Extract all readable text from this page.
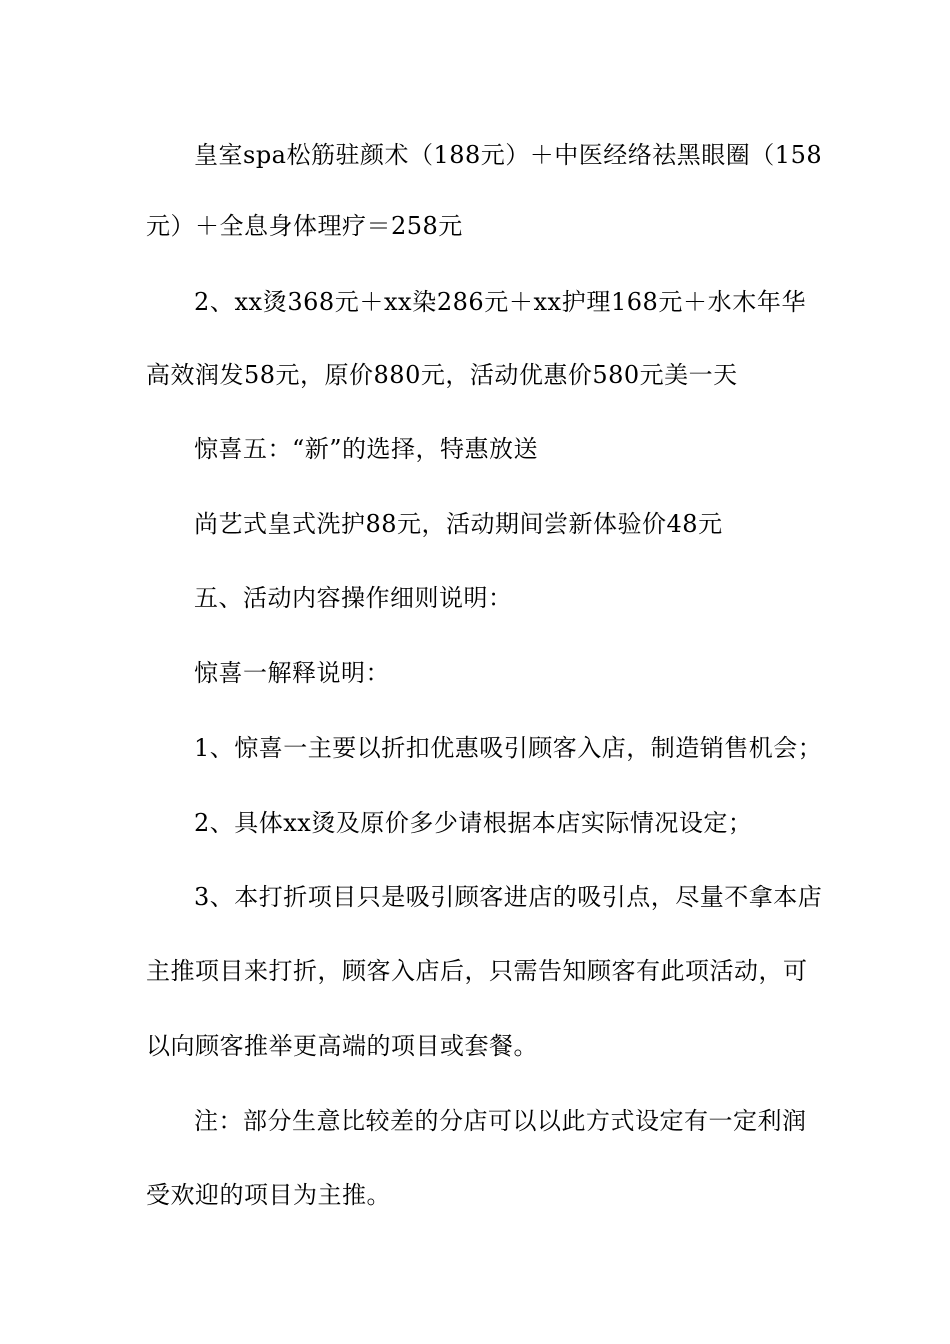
皇室spa松筋驻颜术（188元）＋中医经络祛黑眼圈（158
元）＋全息身体理疗＝258元
2、xx烫368元＋xx染286元＋xx护理168元＋水木年华
高效润发58元，原价880元，活动优惠价580元美一天
惊喜五：“新”的选择，特惠放送
尚艺式皇式洗护88元，活动期间尝新体验价48元
五、活动内容操作细则说明：
惊喜一解释说明：
1、惊喜一主要以折扣优惠吸引顾客入店，制造销售机会；
2、具体xx烫及原价多少请根据本店实际情况设定；
3、本打折项目只是吸引顾客进店的吸引点，尽量不拿本店
主推项目来打折，顾客入店后，只需告知顾客有此项活动，可
以向顾客推举更高端的项目或套餐。
注：部分生意比较差的分店可以以此方式设定有一定利润
受欢迎的项目为主推。
